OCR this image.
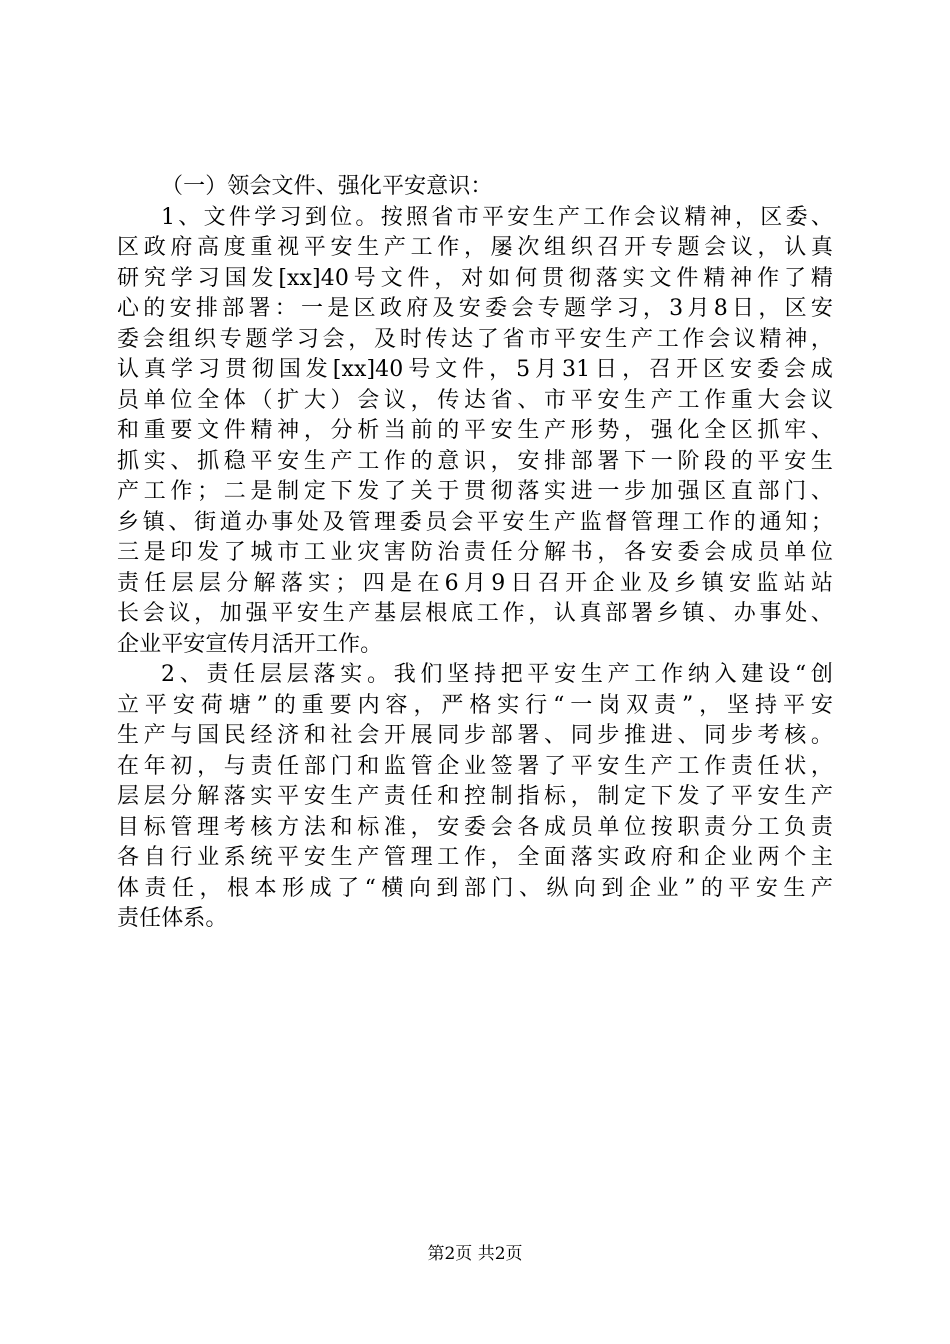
（一）领会文件、强化平安意识：
1、文件学习到位。按照省市平安生产工作会议精神，区委、
区政府高度重视平安生产工作，屡次组织召开专题会议，认真
研究学习国发[xx]40号文件，对如何贯彻落实文件精神作了精
心的安排部署：一是区政府及安委会专题学习，3月8日，区安
委会组织专题学习会，及时传达了省市平安生产工作会议精神，
认真学习贯彻国发[xx]40号文件，5月31日，召开区安委会成
员单位全体（扩大）会议，传达省、市平安生产工作重大会议
和重要文件精神，分析当前的平安生产形势，强化全区抓牢、
抓实、抓稳平安生产工作的意识，安排部署下一阶段的平安生
产工作；二是制定下发了关于贯彻落实进一步加强区直部门、
乡镇、街道办事处及管理委员会平安生产监督管理工作的通知；
三是印发了城市工业灾害防治责任分解书，各安委会成员单位
责任层层分解落实；四是在6月9日召开企业及乡镇安监站站
长会议，加强平安生产基层根底工作，认真部署乡镇、办事处、
企业平安宣传月活开工作。
2、责任层层落实。我们坚持把平安生产工作纳入建设“创
立平安荷塘”的重要内容，严格实行“一岗双责”，坚持平安
生产与国民经济和社会开展同步部署、同步推进、同步考核。
在年初，与责任部门和监管企业签署了平安生产工作责任状，
层层分解落实平安生产责任和控制指标，制定下发了平安生产
目标管理考核方法和标准，安委会各成员单位按职责分工负责
各自行业系统平安生产管理工作，全面落实政府和企业两个主
体责任，根本形成了“横向到部门、纵向到企业”的平安生产
责任体系。
第2页 共2页
